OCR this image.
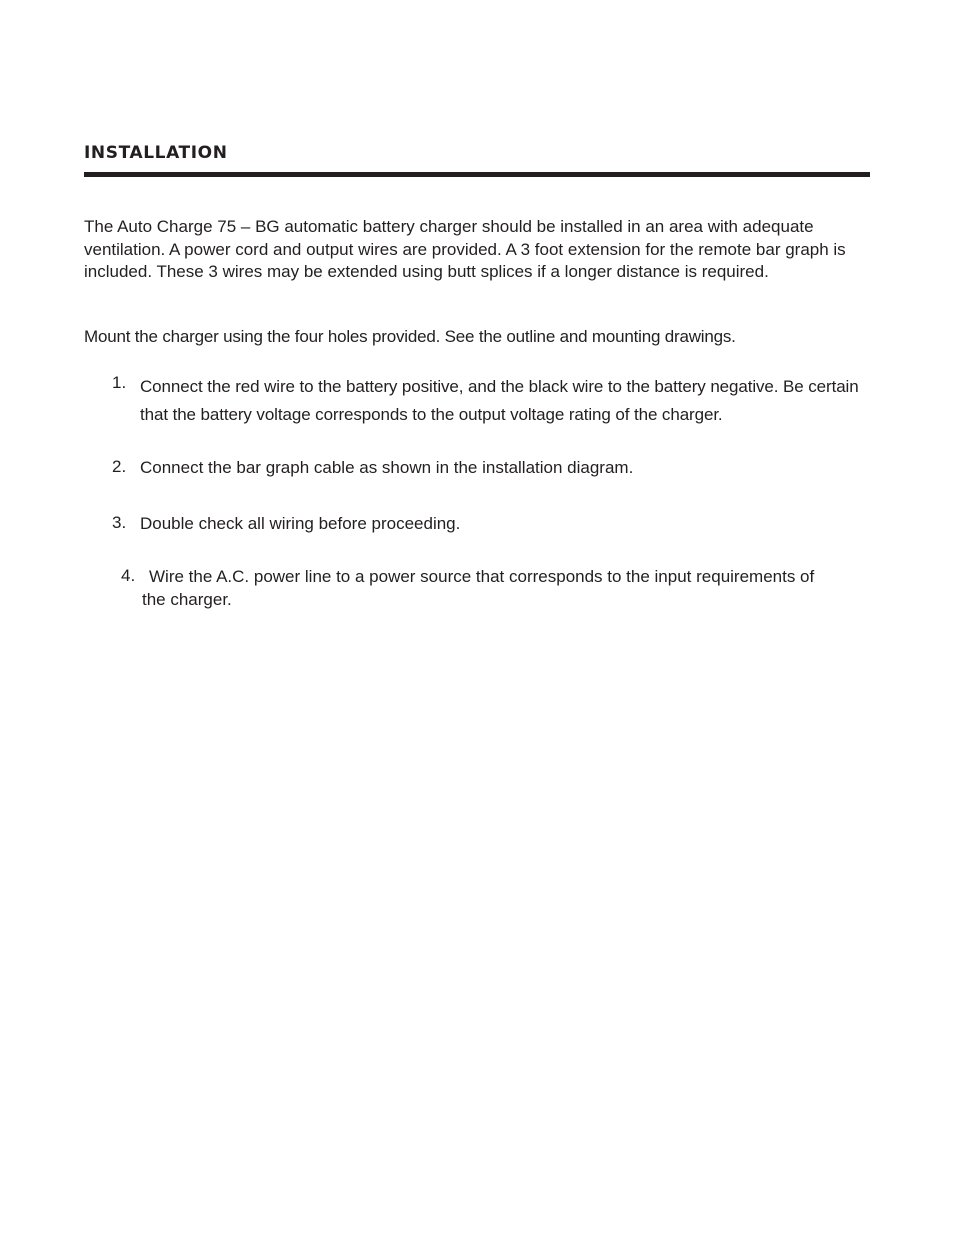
INSTALLATION

The Auto Charge 75 – BG automatic battery charger should be installed in an area with adequate ventilation. A power cord and output wires are provided. A 3 foot extension for the remote bar graph is included. These 3 wires may be extended using butt splices if a longer distance is required.

Mount the charger using the four holes provided. See the outline and mounting drawings.

1. Connect the red wire to the battery positive, and the black wire to the battery negative. Be certain that the battery voltage corresponds to the output voltage rating of the charger.
2. Connect the bar graph cable as shown in the installation diagram.
3. Double check all wiring before proceeding.
4. Wire the A.C. power line to a power source that corresponds to the input requirements of
the charger.
